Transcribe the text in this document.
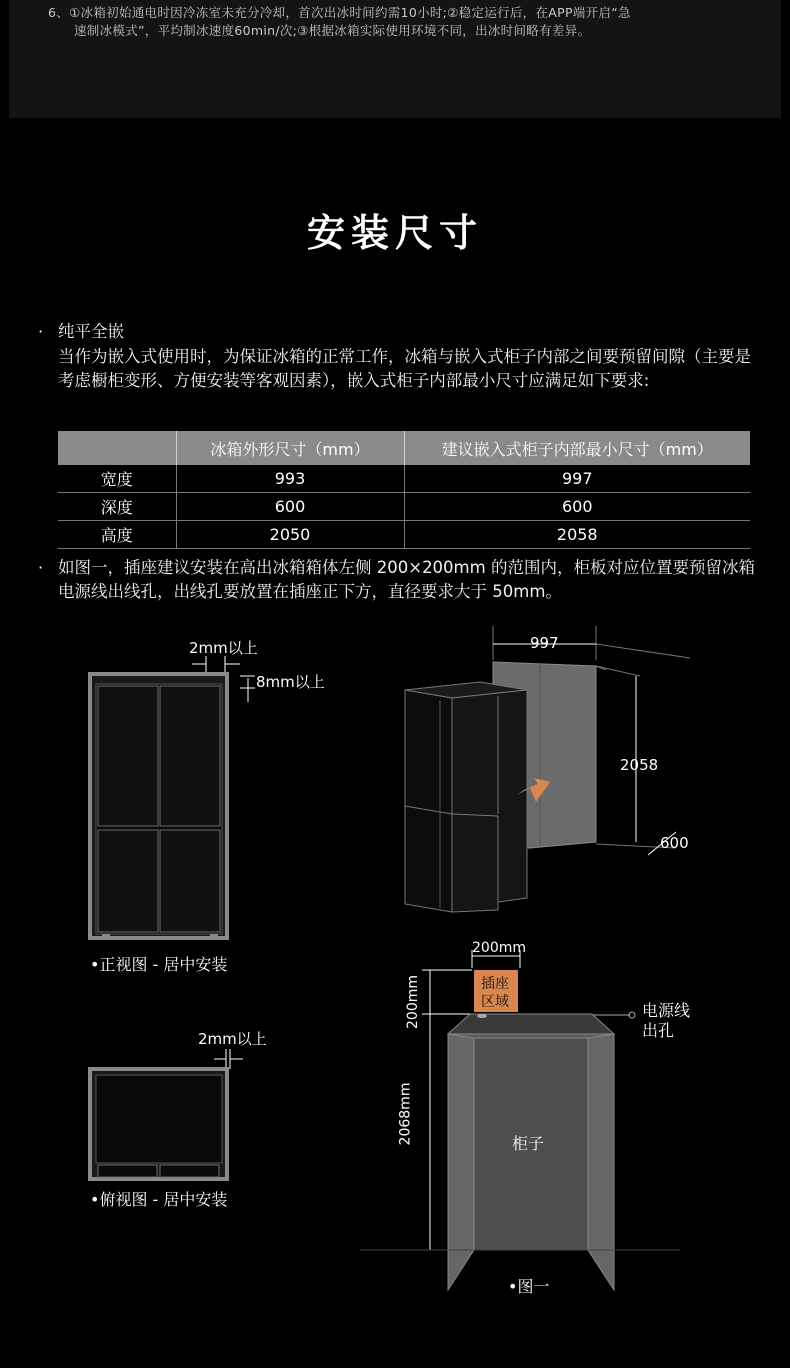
6、①冰箱初始通电时因冷冻室未充分冷却，首次出冰时间约需10小时;②稳定运行后，在APP端开启“急
速制冰模式”，平均制冰速度60min/次;③根据冰箱实际使用环境不同，出冰时间略有差异。
安装尺寸
· 纯平全嵌
当作为嵌入式使用时，为保证冰箱的正常工作，冰箱与嵌入式柜子内部之间要预留间隙（主要是考虑橱柜变形、方便安装等客观因素），嵌入式柜子内部最小尺寸应满足如下要求:
	冰箱外形尺寸（mm）	建议嵌入式柜子内部最小尺寸（mm）
宽度	993	997
深度	600	600
高度	2050	2058
· 如图一，插座建议安装在高出冰箱箱体左侧 200×200mm 的范围内，柜板对应位置要预留冰箱电源线出线孔，出线孔要放置在插座正下方，直径要求大于 50mm。
2mm以上
8mm以上
•正视图 - 居中安装
2mm以上
•俯视图 - 居中安装
997
2058
600
200mm
200mm	插座
区域	电源线
出孔
2068mm	柜子
•图一
